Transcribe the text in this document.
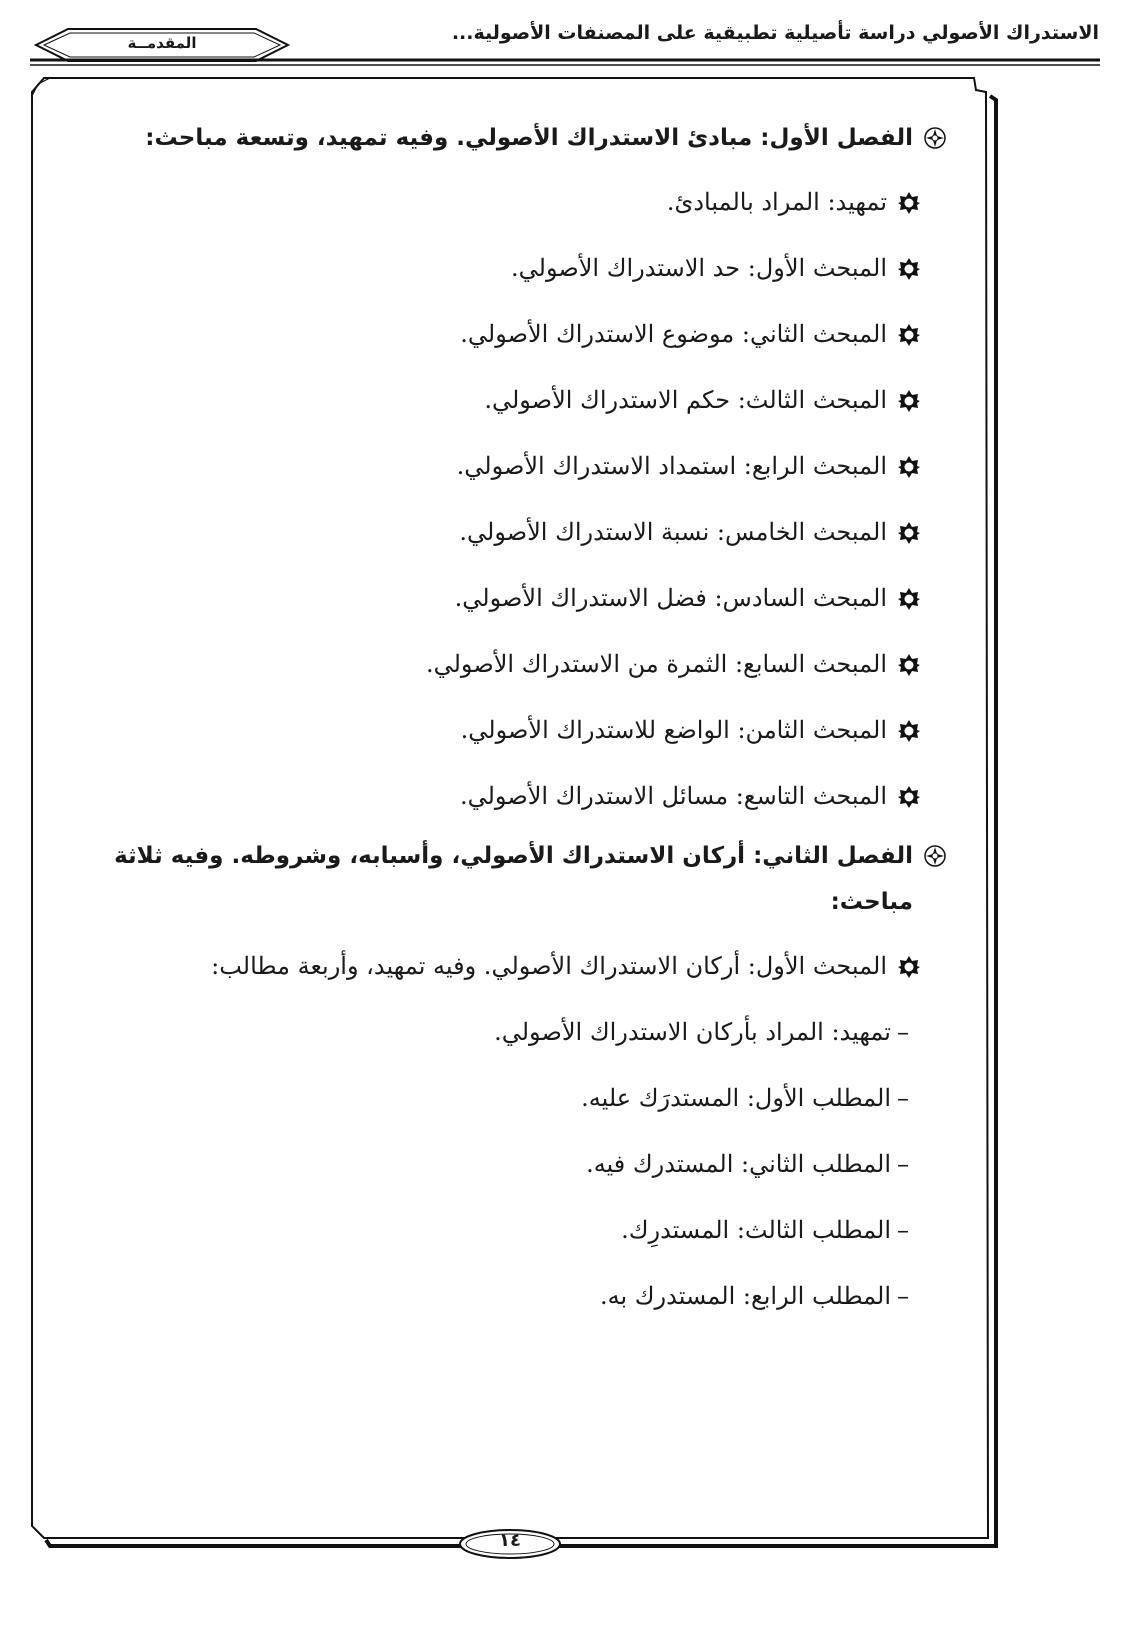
الاستدراك الأصولي دراسة تأصيلية تطبيقية على المصنفات الأصولية...
المقدمــة
الفصل الأول: مبادئ الاستدراك الأصولي. وفيه تمهيد، وتسعة مباحث:
تمهيد: المراد بالمبادئ.
المبحث الأول: حد الاستدراك الأصولي.
المبحث الثاني: موضوع الاستدراك الأصولي.
المبحث الثالث: حكم الاستدراك الأصولي.
المبحث الرابع: استمداد الاستدراك الأصولي.
المبحث الخامس: نسبة الاستدراك الأصولي.
المبحث السادس: فضل الاستدراك الأصولي.
المبحث السابع: الثمرة من الاستدراك الأصولي.
المبحث الثامن: الواضع للاستدراك الأصولي.
المبحث التاسع: مسائل الاستدراك الأصولي.
الفصل الثاني: أركان الاستدراك الأصولي، وأسبابه، وشروطه. وفيه ثلاثة مباحث:
المبحث الأول: أركان الاستدراك الأصولي. وفيه تمهيد، وأربعة مطالب:
–تمهيد: المراد بأركان الاستدراك الأصولي.
–المطلب الأول: المستدرَك عليه.
–المطلب الثاني: المستدرك فيه.
–المطلب الثالث: المستدرِك.
–المطلب الرابع: المستدرك به.
١٤
